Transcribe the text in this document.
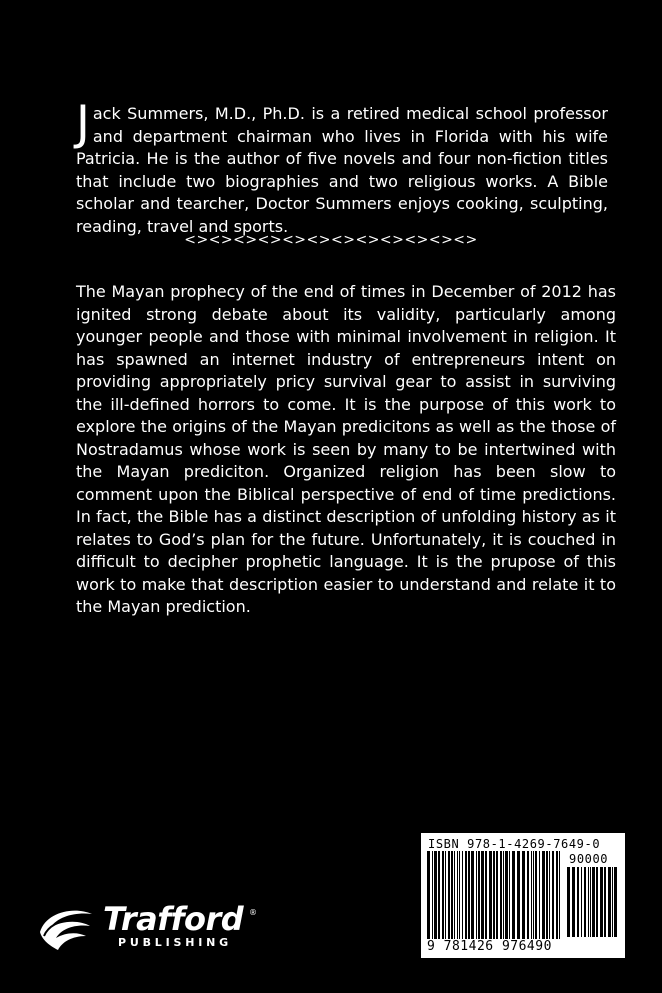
J ack Summers, M.D., Ph.D. is a retired medical school professor and department chairman who lives in Florida with his wife Patricia. He is the author of five novels and four non-fiction titles that include two biographies and two religious works. A Bible scholar and tearcher, Doctor Summers enjoys cooking, sculpting, reading, travel and sports.
<><><><><><><><><><><><>
The Mayan prophecy of the end of times in December of 2012 has ignited strong debate about its validity, particularly among younger people and those with minimal involvement in religion. It has spawned an internet industry of entrepreneurs intent on providing appropriately pricy survival gear to assist in surviving the ill-defined horrors to come. It is the purpose of this work to explore the origins of the Mayan predicitons as well as the those of Nostradamus whose work is seen by many to be intertwined with the Mayan prediciton. Organized religion has been slow to comment upon the Biblical perspective of end of time predictions. In fact, the Bible has a distinct description of unfolding history as it relates to God’s plan for the future. Unfortunately, it is couched in difficult to decipher prophetic language. It is the prupose of this work to make that description easier to understand and relate it to the Mayan prediction.
Trafford ®
PUBLISHING
ISBN 978-1-4269-7649-0
90000
9 781426 976490
